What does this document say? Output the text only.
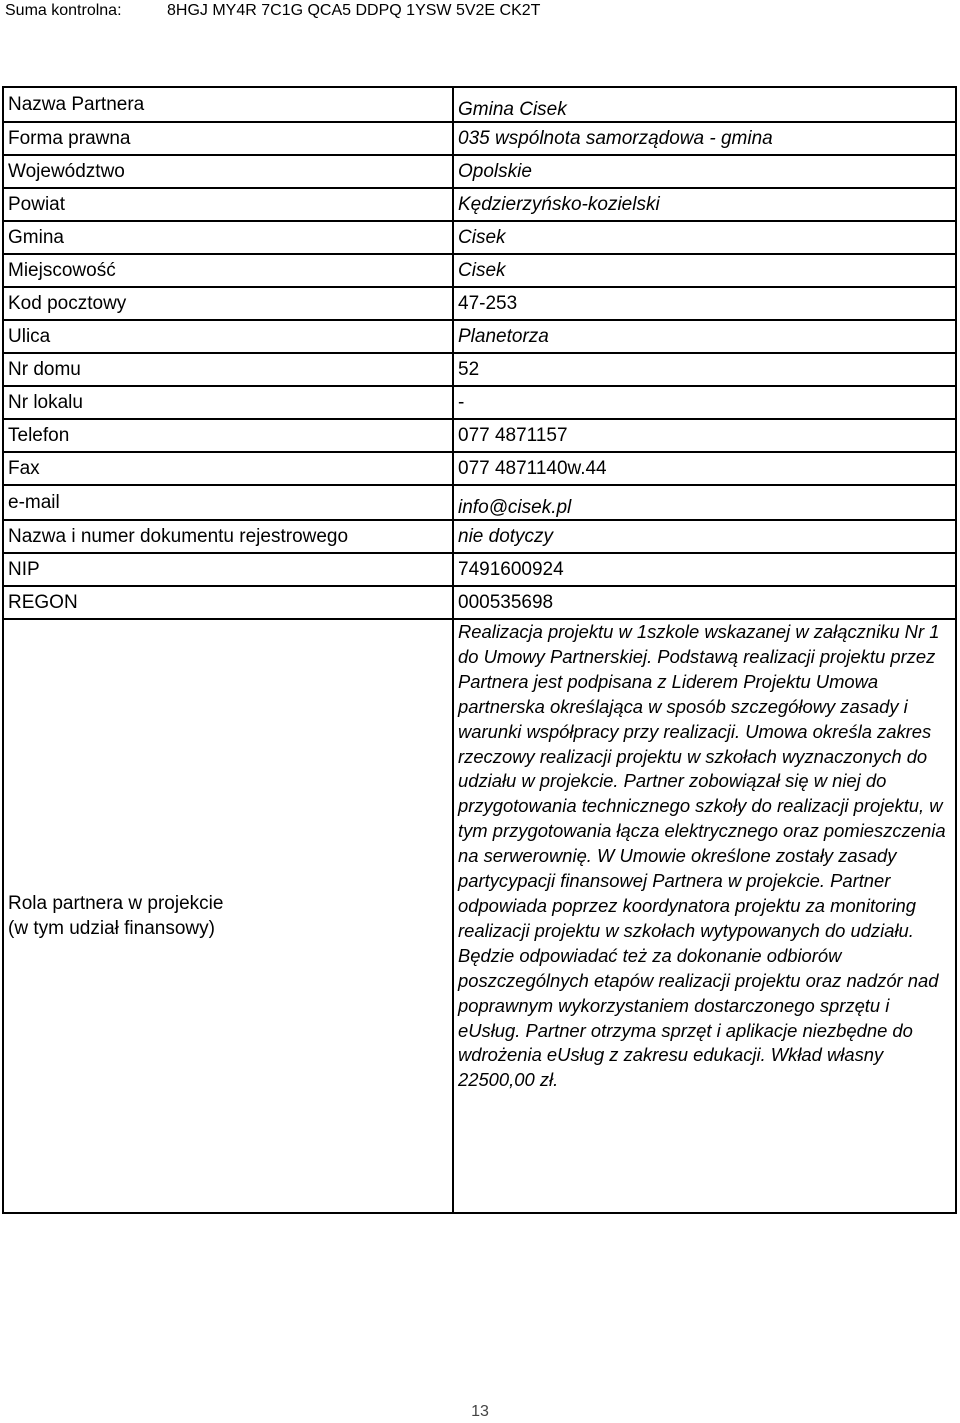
Suma kontrolna:	8HGJ MY4R 7C1G QCA5 DDPQ 1YSW 5V2E CK2T
Nazwa Partnera	Gmina Cisek
Forma prawna	035 wspólnota samorządowa - gmina
Województwo	Opolskie
Powiat	Kędzierzyńsko-kozielski
Gmina	Cisek
Miejscowość	Cisek
Kod pocztowy	47-253
Ulica	Planetorza
Nr domu	52
Nr lokalu	-
Telefon	077 4871157
Fax	077 4871140w.44
e-mail	info@cisek.pl
Nazwa i numer dokumentu rejestrowego	nie dotyczy
NIP	7491600924
REGON	000535698

Rola partnera w projekcie
(w tym udział finansowy)	Realizacja projektu w 1szkole wskazanej w załączniku Nr 1 do Umowy Partnerskiej. Podstawą realizacji projektu przez Partnera jest podpisana z Liderem Projektu Umowa partnerska określająca w sposób szczegółowy zasady i warunki współpracy przy realizacji. Umowa określa zakres rzeczowy realizacji projektu w szkołach wyznaczonych do udziału w projekcie. Partner zobowiązał się w niej do przygotowania technicznego szkoły do realizacji projektu, w tym przygotowania łącza elektrycznego oraz pomieszczenia na serwerownię. W Umowie określone zostały zasady partycypacji finansowej Partnera w projekcie. Partner odpowiada poprzez koordynatora projektu za monitoring realizacji projektu w szkołach wytypowanych do udziału. Będzie odpowiadać też za dokonanie odbiorów poszczególnych etapów realizacji projektu oraz nadzór nad poprawnym wykorzystaniem dostarczonego sprzętu i eUsług. Partner otrzyma sprzęt i aplikacje niezbędne do wdrożenia eUsług z zakresu edukacji. Wkład własny 22500,00 zł.
13
